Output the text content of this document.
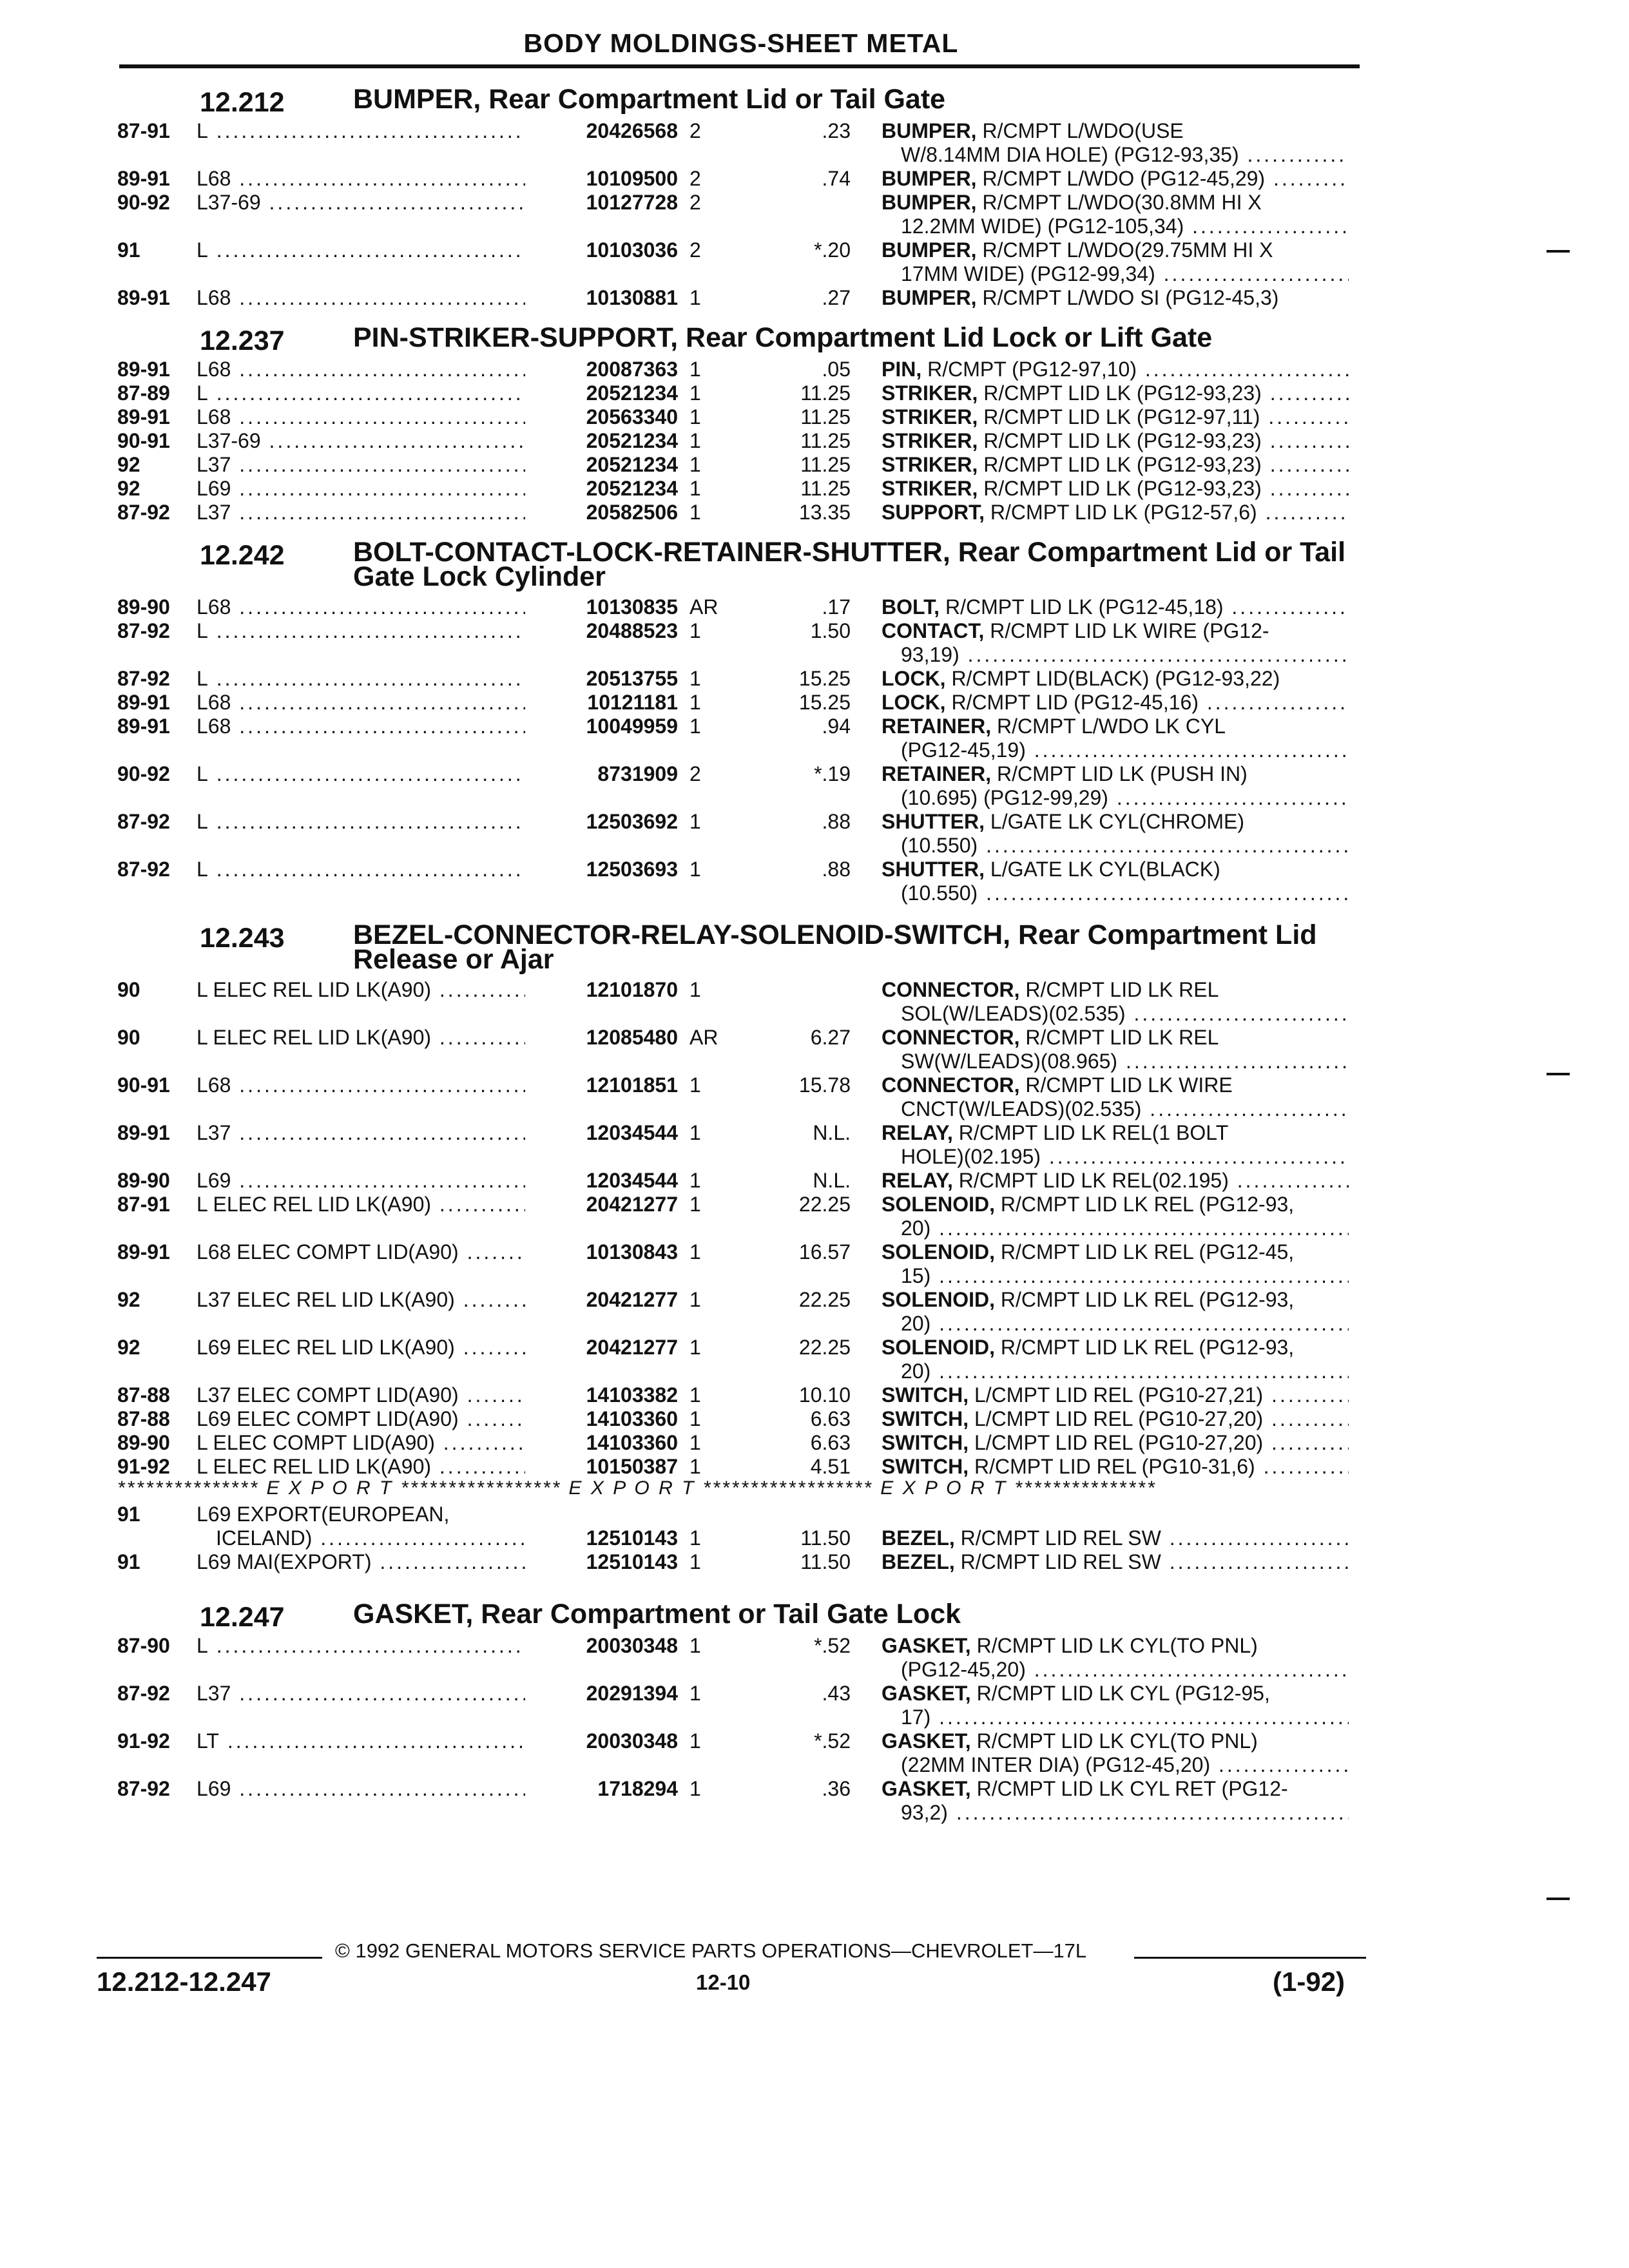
BODY MOLDINGS-SHEET METAL
12.212 BUMPER, Rear Compartment Lid or Tail Gate
87-91 L .....	20426568 2	.23 BUMPER, R/CMPT L/WDO(USE
W/8.14MM DIA HOLE) (PG12-93,35) .....
89-91 L68 .....	10109500 2	.74 BUMPER, R/CMPT L/WDO (PG12-45,29) .....
90-92 L37-69 .....	10127728 2	BUMPER, R/CMPT L/WDO(30.8MM HI X
12.2MM WIDE) (PG12-105,34) .....
91	L .....	10103036 2	*.20 BUMPER, R/CMPT L/WDO(29.75MM HI X
17MM WIDE) (PG12-99,34) .....
89-91 L68 .....	10130881 1	.27 BUMPER, R/CMPT L/WDO SI (PG12-45,3)
12.237 PIN-STRIKER-SUPPORT, Rear Compartment Lid Lock or Lift Gate
89-91 L68 .....	20087363 1	.05 PIN, R/CMPT (PG12-97,10) .....
87-89 L .....	20521234 1	11.25 STRIKER, R/CMPT LID LK (PG12-93,23) .....
89-91 L68 .....	20563340 1	11.25 STRIKER, R/CMPT LID LK (PG12-97,11) .....
90-91 L37-69 .....	20521234 1	11.25 STRIKER, R/CMPT LID LK (PG12-93,23) .....
92	L37 .....	20521234 1	11.25 STRIKER, R/CMPT LID LK (PG12-93,23) .....
92	L69 .....	20521234 1	11.25 STRIKER, R/CMPT LID LK (PG12-93,23) .....
87-92 L37 .....	20582506 1	13.35 SUPPORT, R/CMPT LID LK (PG12-57,6) .....
12.242 BOLT-CONTACT-LOCK-RETAINER-SHUTTER, Rear Compartment Lid or Tail Gate Lock Cylinder
89-90 L68 .....	10130835 AR	.17 BOLT, R/CMPT LID LK (PG12-45,18) .....
87-92 L .....	20488523 1	1.50 CONTACT, R/CMPT LID LK WIRE (PG12-
93,19) .....
87-92 L .....	20513755 1	15.25 LOCK, R/CMPT LID(BLACK) (PG12-93,22)
89-91 L68 .....	10121181 1	15.25 LOCK, R/CMPT LID (PG12-45,16) .....
89-91 L68 .....	10049959 1	.94 RETAINER, R/CMPT L/WDO LK CYL
(PG12-45,19) .....
90-92 L .....	8731909 2	*.19 RETAINER, R/CMPT LID LK (PUSH IN)
(10.695) (PG12-99,29) .....
87-92 L .....	12503692 1	.88 SHUTTER, L/GATE LK CYL(CHROME)
(10.550) .....
87-92 L .....	12503693 1	.88 SHUTTER, L/GATE LK CYL(BLACK)
(10.550) .....
12.243 BEZEL-CONNECTOR-RELAY-SOLENOID-SWITCH, Rear Compartment Lid Release or Ajar
90	L ELEC REL LID LK(A90) .....	12101870 1	CONNECTOR, R/CMPT LID LK REL
SOL(W/LEADS)(02.535) .....
90	L ELEC REL LID LK(A90) .....	12085480 AR	6.27 CONNECTOR, R/CMPT LID LK REL
SW(W/LEADS)(08.965) .....
90-91 L68 .....	12101851 1	15.78 CONNECTOR, R/CMPT LID LK WIRE
CNCT(W/LEADS)(02.535) .....
89-91 L37 .....	12034544 1	N.L. RELAY, R/CMPT LID LK REL(1 BOLT
HOLE)(02.195) .....
89-90 L69 .....	12034544 1	N.L. RELAY, R/CMPT LID LK REL(02.195) .....
87-91 L ELEC REL LID LK(A90) .....	20421277 1	22.25 SOLENOID, R/CMPT LID LK REL (PG12-93,
20) .....
89-91 L68 ELEC COMPT LID(A90) .....	10130843 1	16.57 SOLENOID, R/CMPT LID LK REL (PG12-45,
15) .....
92	L37 ELEC REL LID LK(A90) .....	20421277 1	22.25 SOLENOID, R/CMPT LID LK REL (PG12-93,
20) .....
92	L69 ELEC REL LID LK(A90) .....	20421277 1	22.25 SOLENOID, R/CMPT LID LK REL (PG12-93,
20) .....
87-88 L37 ELEC COMPT LID(A90) .....	14103382 1	10.10 SWITCH, L/CMPT LID REL (PG10-27,21) .....
87-88 L69 ELEC COMPT LID(A90) .....	14103360 1	6.63 SWITCH, L/CMPT LID REL (PG10-27,20) .....
89-90 L ELEC COMPT LID(A90) .....	14103360 1	6.63 SWITCH, L/CMPT LID REL (PG10-27,20) .....
91-92 L ELEC REL LID LK(A90) .....	10150387 1	4.51 SWITCH, R/CMPT LID REL (PG10-31,6) .....
*************** E X P O R T ***************** E X P O R T ****************** E X P O R T ***************
91	L69 EXPORT(EUROPEAN,
ICELAND) .....	12510143 1	11.50 BEZEL, R/CMPT LID REL SW .....
91	L69 MAI(EXPORT) .....	12510143 1	11.50 BEZEL, R/CMPT LID REL SW .....
12.247 GASKET, Rear Compartment or Tail Gate Lock
87-90 L .....	20030348 1	*.52 GASKET, R/CMPT LID LK CYL(TO PNL)
(PG12-45,20) .....
87-92 L37 .....	20291394 1	.43 GASKET, R/CMPT LID LK CYL (PG12-95,
17) .....
91-92 LT .....	20030348 1	*.52 GASKET, R/CMPT LID LK CYL(TO PNL)
(22MM INTER DIA) (PG12-45,20) .....
87-92 L69 .....	1718294 1	.36 GASKET, R/CMPT LID LK CYL RET (PG12-
93,2) .....
© 1992 GENERAL MOTORS SERVICE PARTS OPERATIONS—CHEVROLET—17L
12.212-12.247	12-10	(1-92)
